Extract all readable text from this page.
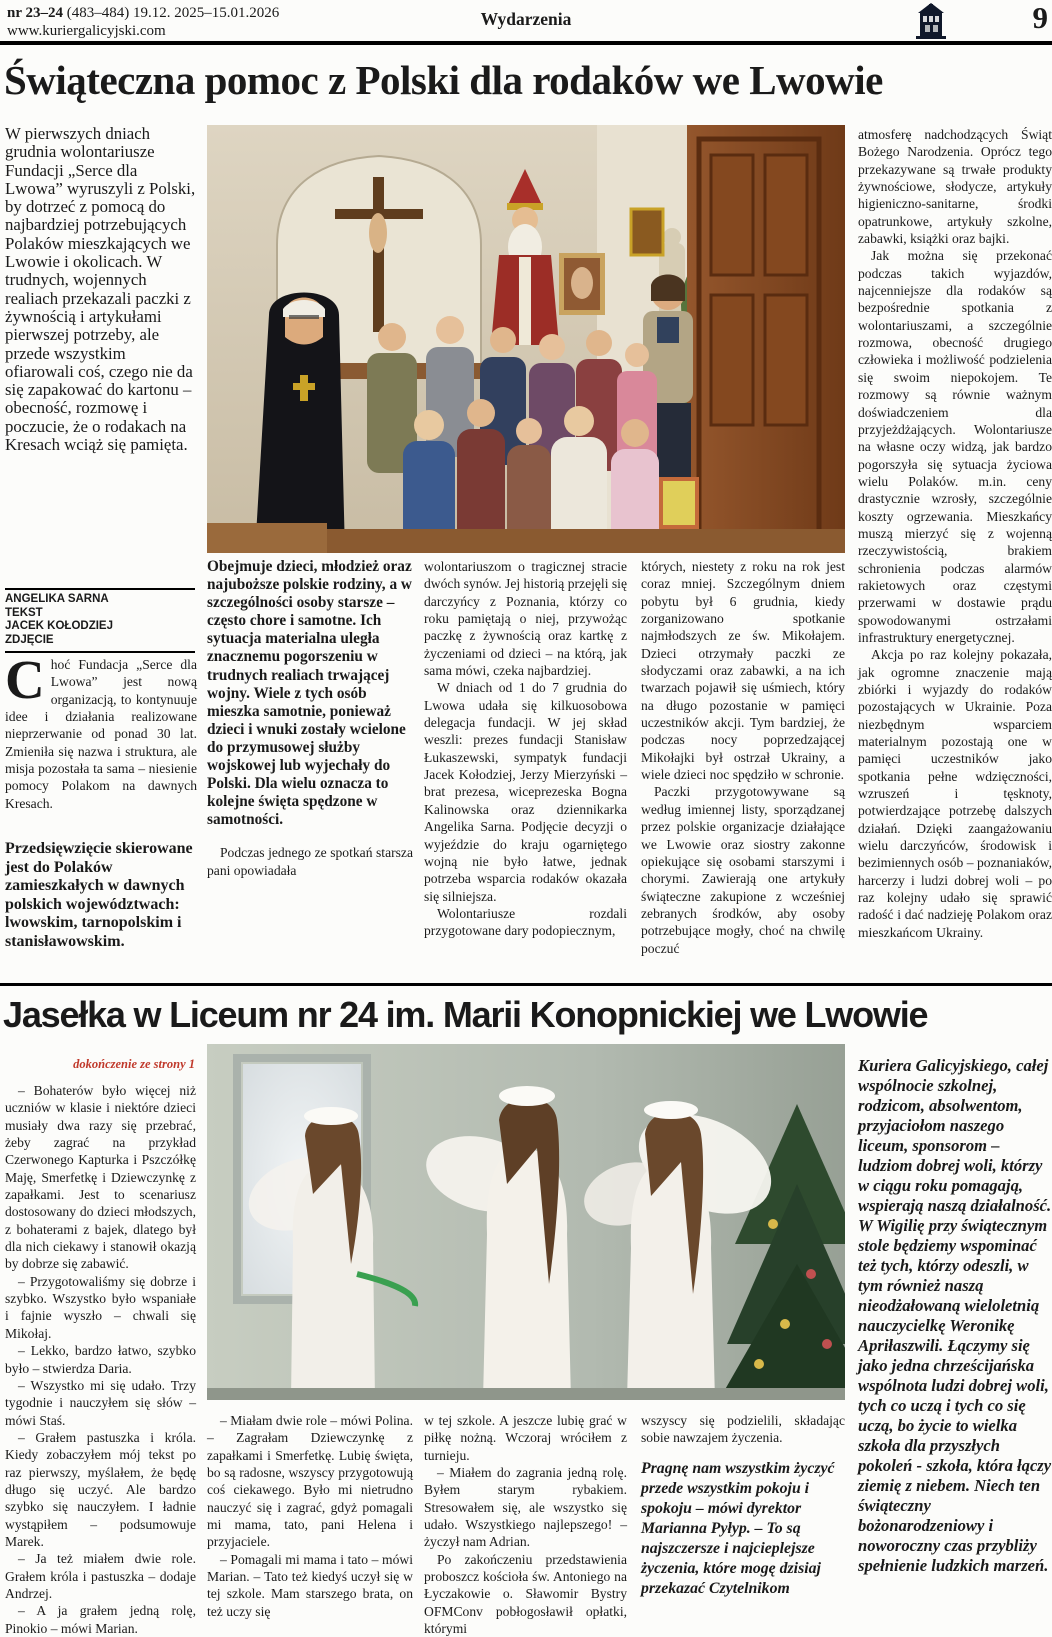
nr 23–24 (483–484) 19.12. 2025–15.01.2026
www.kuriergalicyjski.com
Wydarzenia	9
Świąteczna pomoc z Polski dla rodaków we Lwowie
W pierwszych dniach grudnia wolontariusze Fundacji „Serce dla Lwowa” wyruszyli z Polski, by dotrzeć z pomocą do najbardziej potrzebujących Polaków mieszkających we Lwowie i okolicach. W trudnych, wojennych realiach przekazali paczki z żywnością i artykułami pierwszej potrzeby, ale przede wszystkim ofiarowali coś, czego nie da się zapakować do kartonu – obecność, rozmowę i poczucie, że o rodakach na Kresach wciąż się pamięta.
ANGELIKA SARNA
TEKST
JACEK KOŁODZIEJ
ZDJĘCIE

Choć Fundacja „Serce dla Lwowa” jest nową organizacją, to kontynuuje idee i działania realizowane nieprzerwanie od ponad 30 lat. Zmieniła się nazwa i struktura, ale misja pozostała ta sama – niesienie pomocy Polakom na dawnych Kresach.

Przedsięwzięcie skierowane jest do Polaków zamieszkałych w dawnych polskich województwach: lwowskim, tarnopolskim i stanisławowskim.
Obejmuje dzieci, młodzież oraz najuboższe polskie rodziny, a w szczególności osoby starsze – często chore i samotne. Ich sytuacja materialna uległa znacznemu pogorszeniu w trudnych realiach trwającej wojny. Wiele z tych osób mieszka samotnie, ponieważ dzieci i wnuki zostały wcielone do przymusowej służby wojskowej lub wyjechały do Polski. Dla wielu oznacza to kolejne święta spędzone w samotności.

Podczas jednego ze spotkań starsza pani opowiadała

wolontariuszom o tragicznej stracie dwóch synów. Jej historią przejęli się darczyńcy z Poznania, którzy co roku pamiętają o niej, przywożąc paczkę z żywnością oraz kartkę z życzeniami od dzieci – na którą, jak sama mówi, czeka najbardziej.

W dniach od 1 do 7 grudnia do Lwowa udała się kilkuosobowa delegacja fundacji. W jej skład weszli: prezes fundacji Stanisław Łukaszewski, sympatyk fundacji Jacek Kołodziej, Jerzy Mierzyński – brat prezesa, wiceprezeska Bogna Kalinowska oraz dziennikarka Angelika Sarna. Podjęcie decyzji o wyjeździe do kraju ogarniętego wojną nie było łatwe, jednak potrzeba wsparcia rodaków okazała się silniejsza.

Wolontariusze rozdali przygotowane dary podopiecznym,

których, niestety z roku na rok jest coraz mniej. Szczególnym dniem pobytu był 6 grudnia, kiedy zorganizowano spotkanie najmłodszych ze św. Mikołajem. Dzieci otrzymały paczki ze słodyczami oraz zabawki, a na ich twarzach pojawił się uśmiech, który na długo pozostanie w pamięci uczestników akcji. Tym bardziej, że podczas nocy poprzedzającej Mikołajki był ostrzał Ukrainy, a wiele dzieci noc spędziło w schronie.

Paczki przygotowywane są według imiennej listy, sporządzanej przez polskie organizacje działające we Lwowie oraz siostry zakonne opiekujące się osobami starszymi i chorymi. Zawierają one artykuły świąteczne zakupione z wcześniej zebranych środków, aby osoby potrzebujące mogły, choć na chwilę poczuć

atmosferę nadchodzących Świąt Bożego Narodzenia. Oprócz tego przekazywane są trwałe produkty żywnościowe, słodycze, artykuły higieniczno-sanitarne, środki opatrunkowe, artykuły szkolne, zabawki, książki oraz bajki.

Jak można się przekonać podczas takich wyjazdów, najcenniejsze dla rodaków są bezpośrednie spotkania z wolontariuszami, a szczególnie rozmowa, obecność drugiego człowieka i możliwość podzielenia się swoim niepokojem. Te rozmowy są równie ważnym doświadczeniem dla przyjeżdżających. Wolontariusze na własne oczy widzą, jak bardzo pogorszyła się sytuacja życiowa wielu Polaków. m.in. ceny drastycznie wzrosły, szczególnie koszty ogrzewania. Mieszkańcy muszą mierzyć się z wojenną rzeczywistością, brakiem schronienia podczas alarmów rakietowych oraz częstymi przerwami w dostawie prądu spowodowanymi ostrzałami infrastruktury energetycznej.

Akcja po raz kolejny pokazała, jak ogromne znaczenie mają zbiórki i wyjazdy do rodaków pozostających w Ukrainie. Poza niezbędnym wsparciem materialnym pozostają one w pamięci uczestników jako spotkania pełne wdzięczności, wzruszeń i tęsknoty, potwierdzające potrzebę dalszych działań. Dzięki zaangażowaniu wielu darczyńców, środowisk i bezimiennych osób – poznaniaków, harcerzy i ludzi dobrej woli – po raz kolejny udało się sprawić radość i dać nadzieję Polakom oraz mieszkańcom Ukrainy.

Jasełka w Liceum nr 24 im. Marii Konopnickiej we Lwowie
dokończenie ze strony 1

– Bohaterów było więcej niż uczniów w klasie i niektóre dzieci musiały dwa razy się przebrać, żeby zagrać na przykład Czerwonego Kapturka i Pszczółkę Maję, Smerfetkę i Dziewczynkę z zapałkami. Jest to scenariusz dostosowany do dzieci młodszych, z bohaterami z bajek, dlatego był dla nich ciekawy i stanowił okazją by dobrze się zabawić.

– Przygotowaliśmy się dobrze i szybko. Wszystko było wspaniałe i fajnie wyszło – chwali się Mikołaj.

– Lekko, bardzo łatwo, szybko było – stwierdza Daria.

– Wszystko mi się udało. Trzy tygodnie i nauczyłem się słów – mówi Staś.

– Grałem pastuszka i króla. Kiedy zobaczyłem mój tekst po raz pierwszy, myślałem, że będę długo się uczyć. Ale bardzo szybko się nauczyłem. I ładnie wystąpiłem – podsumowuje Marek.

– Ja też miałem dwie role. Grałem króla i pastuszka – dodaje Andrzej.

– A ja grałem jedną rolę, Pinokio – mówi Marian.

– Miałam dwie role – mówi Polina. – Zagrałam Dziewczynkę z zapałkami i Smerfetkę. Lubię święta, bo są radosne, wszyscy przygotowują coś ciekawego. Było mi nietrudno nauczyć się i zagrać, gdyż pomagali mi mama, tato, pani Helena i przyjaciele.

– Pomagali mi mama i tato – mówi Marian. – Tato też kiedyś uczył się w tej szkole. Mam starszego brata, on też uczy się

w tej szkole. A jeszcze lubię grać w piłkę nożną. Wczoraj wróciłem z turnieju.

– Miałem do zagrania jedną rolę. Byłem starym rybakiem. Stresowałem się, ale wszystko się udało. Wszystkiego najlepszego! – życzył nam Adrian.

Po zakończeniu przedstawienia proboszcz kościoła św. Antoniego na Łyczakowie o. Sławomir Bystry OFMConv pobłogosławił opłatki, którymi

wszyscy się podzielili, składając sobie nawzajem życzenia.

Pragnę nam wszystkim życzyć przede wszystkim pokoju i spokoju – mówi dyrektor Marianna Pyłyp. – To są najszczersze i najcieplejsze życzenia, które mogę dzisiaj przekazać Czytelnikom
Kuriera Galicyjskiego, całej wspólnocie szkolnej, rodzicom, absolwentom, przyjaciołom naszego liceum, sponsorom – ludziom dobrej woli, którzy w ciągu roku pomagają, wspierają naszą działalność. W Wigilię przy świątecznym stole będziemy wspominać też tych, którzy odeszli, w tym również naszą nieodżałowaną wieloletnią nauczycielkę Weronikę Apriłaszwili. Łączymy się jako jedna chrześcijańska wspólnota ludzi dobrej woli, tych co uczą i tych co się uczą, bo życie to wielka szkoła dla przyszłych pokoleń - szkoła, która łączy ziemię z niebem. Niech ten świąteczny bożonarodzeniowy i noworoczny czas przybliży spełnienie ludzkich marzeń.
